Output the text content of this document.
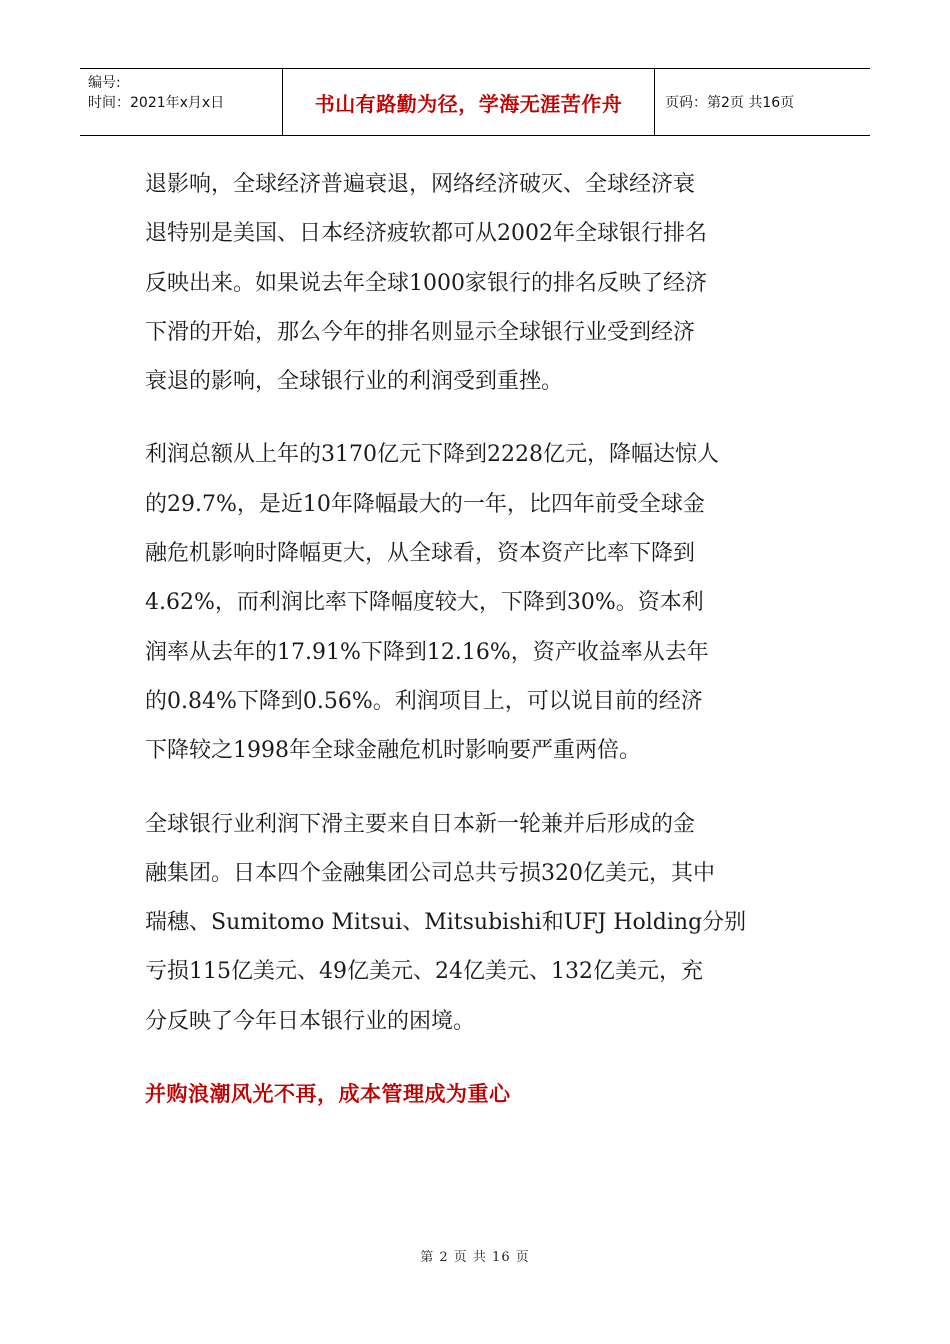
编号:
时间：2021年x月x日	书山有路勤为径，学海无涯苦作舟	页码：第2页 共16页
退影响，全球经济普遍衰退，网络经济破灭、全球经济衰
退特别是美国、日本经济疲软都可从2002年全球银行排名
反映出来。如果说去年全球1000家银行的排名反映了经济
下滑的开始，那么今年的排名则显示全球银行业受到经济
衰退的影响，全球银行业的利润受到重挫。
利润总额从上年的3170亿元下降到2228亿元，降幅达惊人
的29.7%，是近10年降幅最大的一年，比四年前受全球金
融危机影响时降幅更大，从全球看，资本资产比率下降到
4.62%，而利润比率下降幅度较大，下降到30%。资本利
润率从去年的17.91%下降到12.16%，资产收益率从去年
的0.84%下降到0.56%。利润项目上，可以说目前的经济
下降较之1998年全球金融危机时影响要严重两倍。
全球银行业利润下滑主要来自日本新一轮兼并后形成的金
融集团。日本四个金融集团公司总共亏损320亿美元，其中
瑞穗、Sumitomo Mitsui、Mitsubishi和UFJ Holding分别
亏损115亿美元、49亿美元、24亿美元、132亿美元，充
分反映了今年日本银行业的困境。
并购浪潮风光不再，成本管理成为重心
第 2 页 共 16 页
